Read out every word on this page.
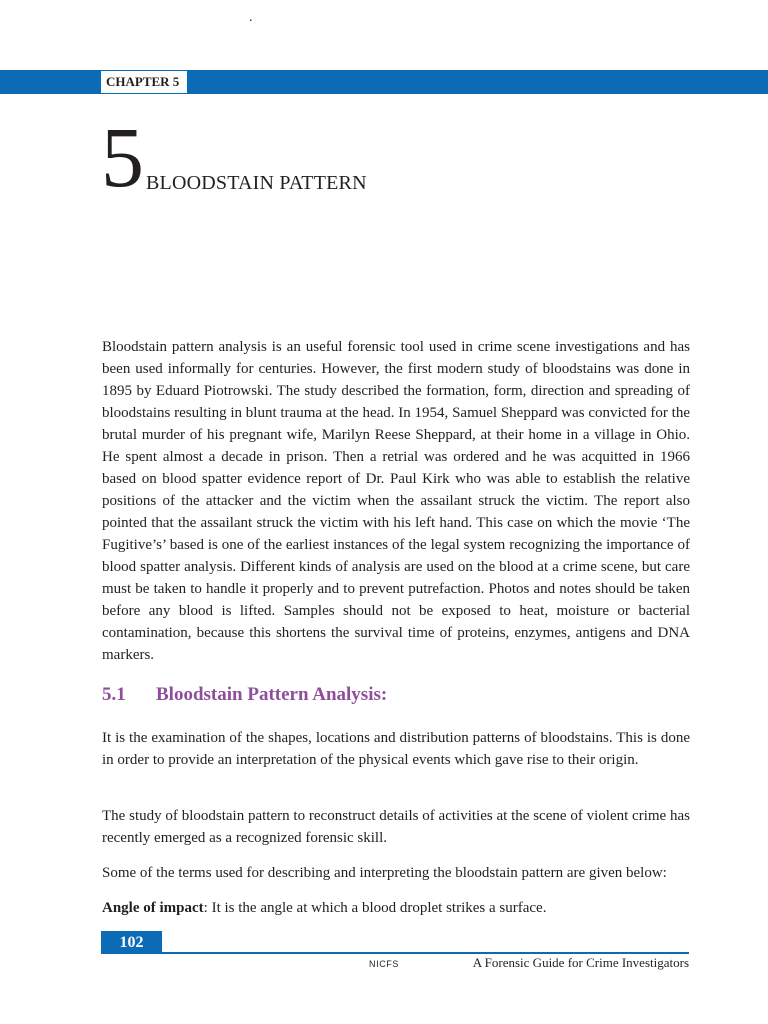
.
CHAPTER 5
5 BLOODSTAIN PATTERN

Bloodstain pattern analysis is an useful forensic tool used in crime scene investigations and has been used informally for centuries. However, the first modern study of bloodstains was done in 1895 by Eduard Piotrowski. The study described the formation, form, direction and spreading of bloodstains resulting in blunt trauma at the head. In 1954, Samuel Sheppard was convicted for the brutal murder of his pregnant wife, Marilyn Reese Sheppard, at their home in a village in Ohio. He spent almost a decade in prison. Then a retrial was ordered and he was acquitted in 1966 based on blood spatter evidence report of Dr. Paul Kirk who was able to establish the relative positions of the attacker and the victim when the assailant struck the victim. The report also pointed that the assailant struck the victim with his left hand. This case on which the movie ‘The Fugitive’s’ based is one of the earliest instances of the legal system recognizing the importance of blood spatter analysis. Different kinds of analysis are used on the blood at a crime scene, but care must be taken to handle it properly and to prevent putrefaction. Photos and notes should be taken before any blood is lifted. Samples should not be exposed to heat, moisture or bacterial contamination, because this shortens the survival time of proteins, enzymes, antigens and DNA markers.

5.1 Bloodstain Pattern Analysis:

It is the examination of the shapes, locations and distribution patterns of bloodstains. This is done in order to provide an interpretation of the physical events which gave rise to their origin.

The study of bloodstain pattern to reconstruct details of activities at the scene of violent crime has recently emerged as a recognized forensic skill.

Some of the terms used for describing and interpreting the bloodstain pattern are given below:

Angle of impact: It is the angle at which a blood droplet strikes a surface.

102
NICFS	A Forensic Guide for Crime Investigators
